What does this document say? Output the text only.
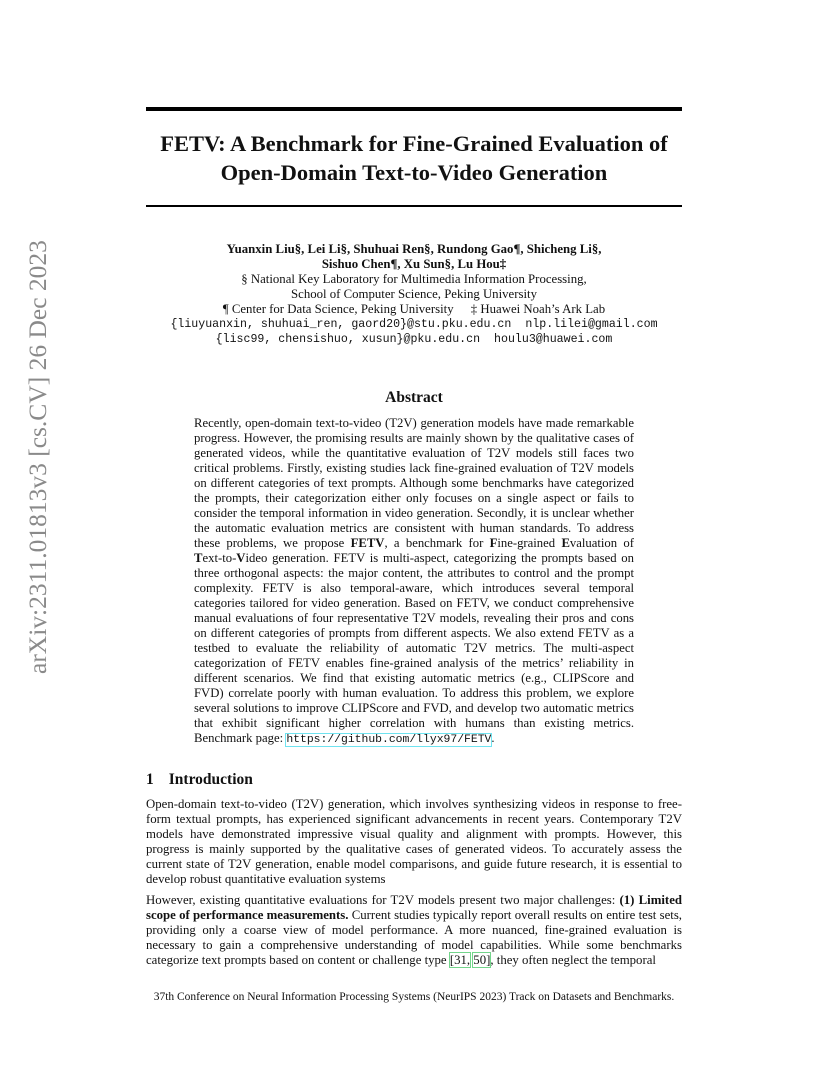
arXiv:2311.01813v3 [cs.CV] 26 Dec 2023
FETV: A Benchmark for Fine-Grained Evaluation of
Open-Domain Text-to-Video Generation
Yuanxin Liu§, Lei Li§, Shuhuai Ren§, Rundong Gao¶, Shicheng Li§,
Sishuo Chen¶, Xu Sun§, Lu Hou‡
§ National Key Laboratory for Multimedia Information Processing,
School of Computer Science, Peking University
¶ Center for Data Science, Peking University ‡ Huawei Noah’s Ark Lab
{liuyuanxin, shuhuai_ren, gaord20}@stu.pku.edu.cn nlp.lilei@gmail.com
{lisc99, chensishuo, xusun}@pku.edu.cn houlu3@huawei.com
Abstract
Recently, open-domain text-to-video (T2V) generation models have made remarkable progress. However, the promising results are mainly shown by the qualitative cases of generated videos, while the quantitative evaluation of T2V models still faces two critical problems. Firstly, existing studies lack fine-grained evaluation of T2V models on different categories of text prompts. Although some benchmarks have categorized the prompts, their categorization either only focuses on a single aspect or fails to consider the temporal information in video generation. Secondly, it is unclear whether the automatic evaluation metrics are consistent with human standards. To address these problems, we propose FETV, a benchmark for Fine-grained Evaluation of Text-to-Video generation. FETV is multi-aspect, categorizing the prompts based on three orthogonal aspects: the major content, the attributes to control and the prompt complexity. FETV is also temporal-aware, which introduces several temporal categories tailored for video generation. Based on FETV, we conduct comprehensive manual evaluations of four representative T2V models, revealing their pros and cons on different categories of prompts from different aspects. We also extend FETV as a testbed to evaluate the reliability of automatic T2V metrics. The multi-aspect categorization of FETV enables fine-grained analysis of the metrics’ reliability in different scenarios. We find that existing automatic metrics (e.g., CLIPScore and FVD) correlate poorly with human evaluation. To address this problem, we explore several solutions to improve CLIPScore and FVD, and develop two automatic metrics that exhibit significant higher correlation with humans than existing metrics. Benchmark page: https://github.com/llyx97/FETV.
1 Introduction
Open-domain text-to-video (T2V) generation, which involves synthesizing videos in response to free-form textual prompts, has experienced significant advancements in recent years. Contemporary T2V models have demonstrated impressive visual quality and alignment with prompts. However, this progress is mainly supported by the qualitative cases of generated videos. To accurately assess the current state of T2V generation, enable model comparisons, and guide future research, it is essential to develop robust quantitative evaluation systems
However, existing quantitative evaluations for T2V models present two major challenges: (1) Limited scope of performance measurements. Current studies typically report overall results on entire test sets, providing only a coarse view of model performance. A more nuanced, fine-grained evaluation is necessary to gain a comprehensive understanding of model capabilities. While some benchmarks categorize text prompts based on content or challenge type [31, 50], they often neglect the temporal
37th Conference on Neural Information Processing Systems (NeurIPS 2023) Track on Datasets and Benchmarks.
